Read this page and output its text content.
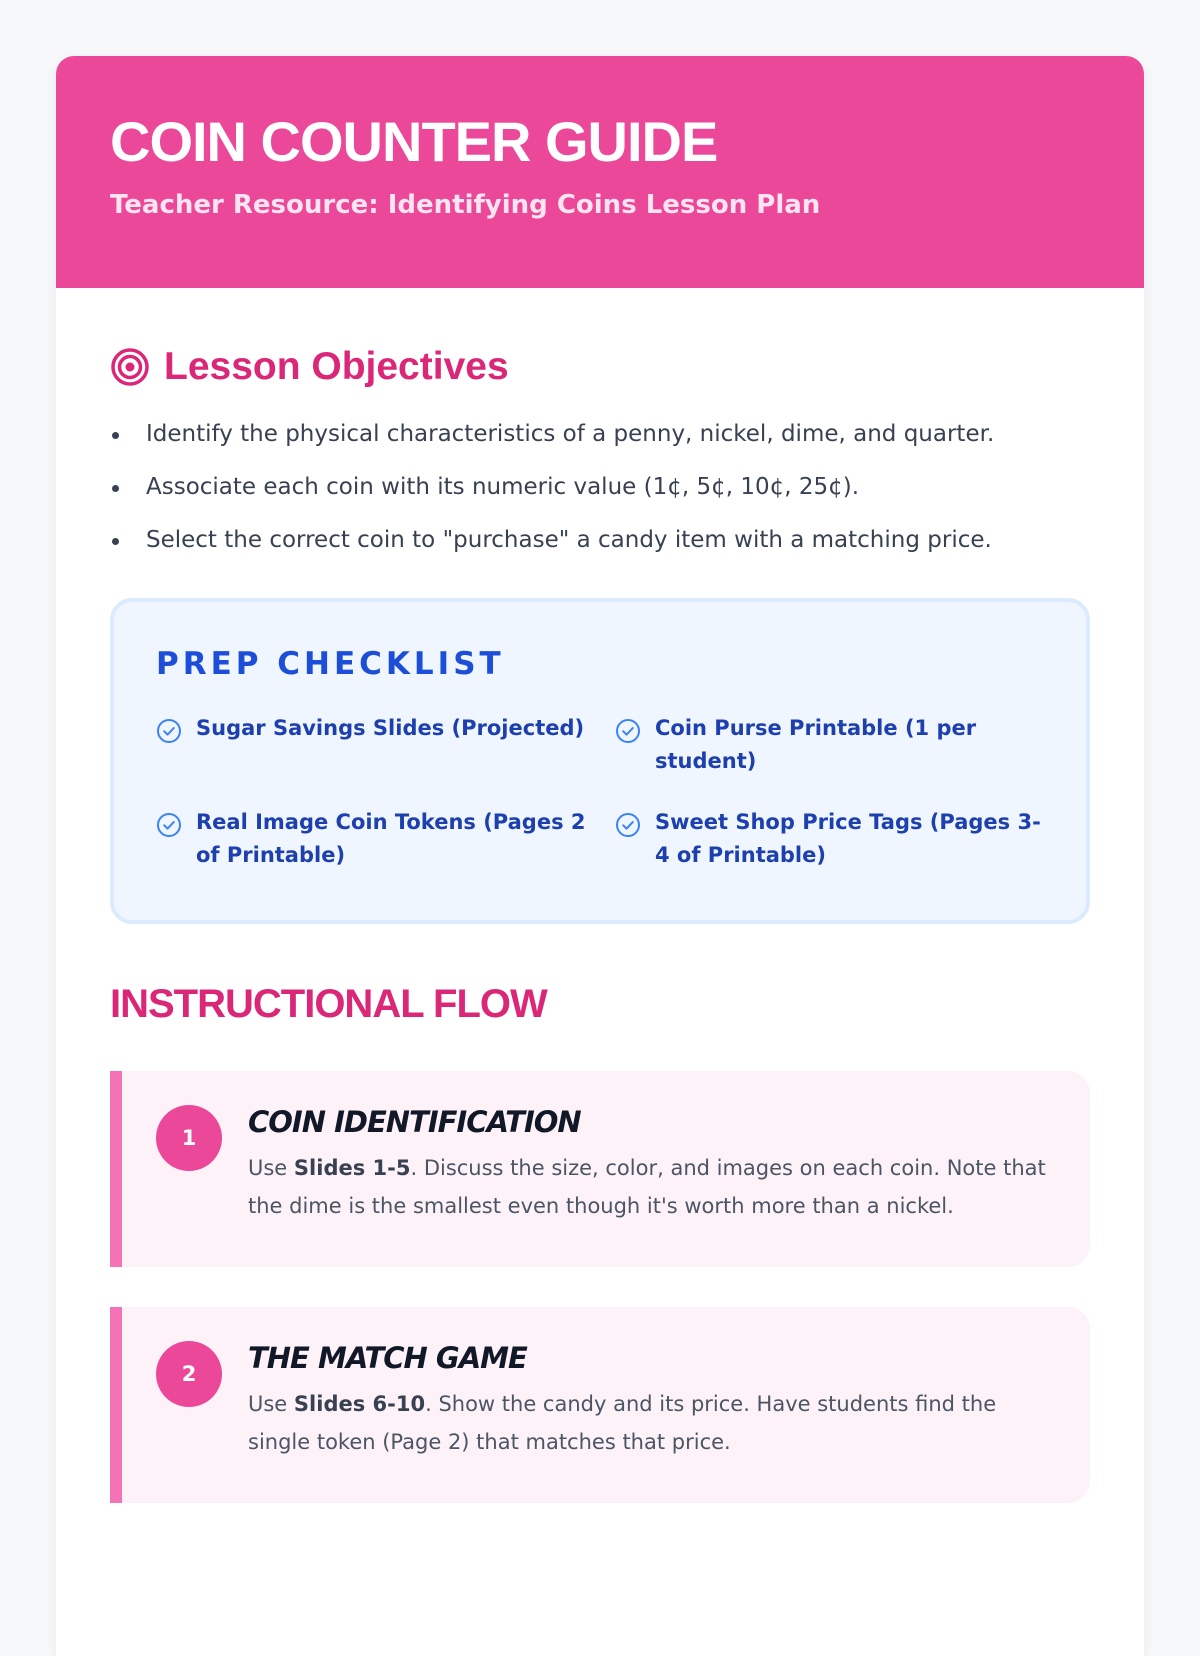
COIN COUNTER GUIDE
Teacher Resource: Identifying Coins Lesson Plan
Lesson Objectives
Identify the physical characteristics of a penny, nickel, dime, and quarter.
Associate each coin with its numeric value (1¢, 5¢, 10¢, 25¢).
Select the correct coin to "purchase" a candy item with a matching price.
PREP CHECKLIST
Sugar Savings Slides (Projected)	Coin Purse Printable (1 per student)
Real Image Coin Tokens (Pages 2 of Printable)
Sweet Shop Price Tags (Pages 3-4 of Printable)
INSTRUCTIONAL FLOW
1	COIN IDENTIFICATION

Use Slides 1-5. Discuss the size, color, and images on each coin. Note that the dime is the smallest even though it's worth more than a nickel.

2	THE MATCH GAME

Use Slides 6-10. Show the candy and its price. Have students find the single token (Page 2) that matches that price.
